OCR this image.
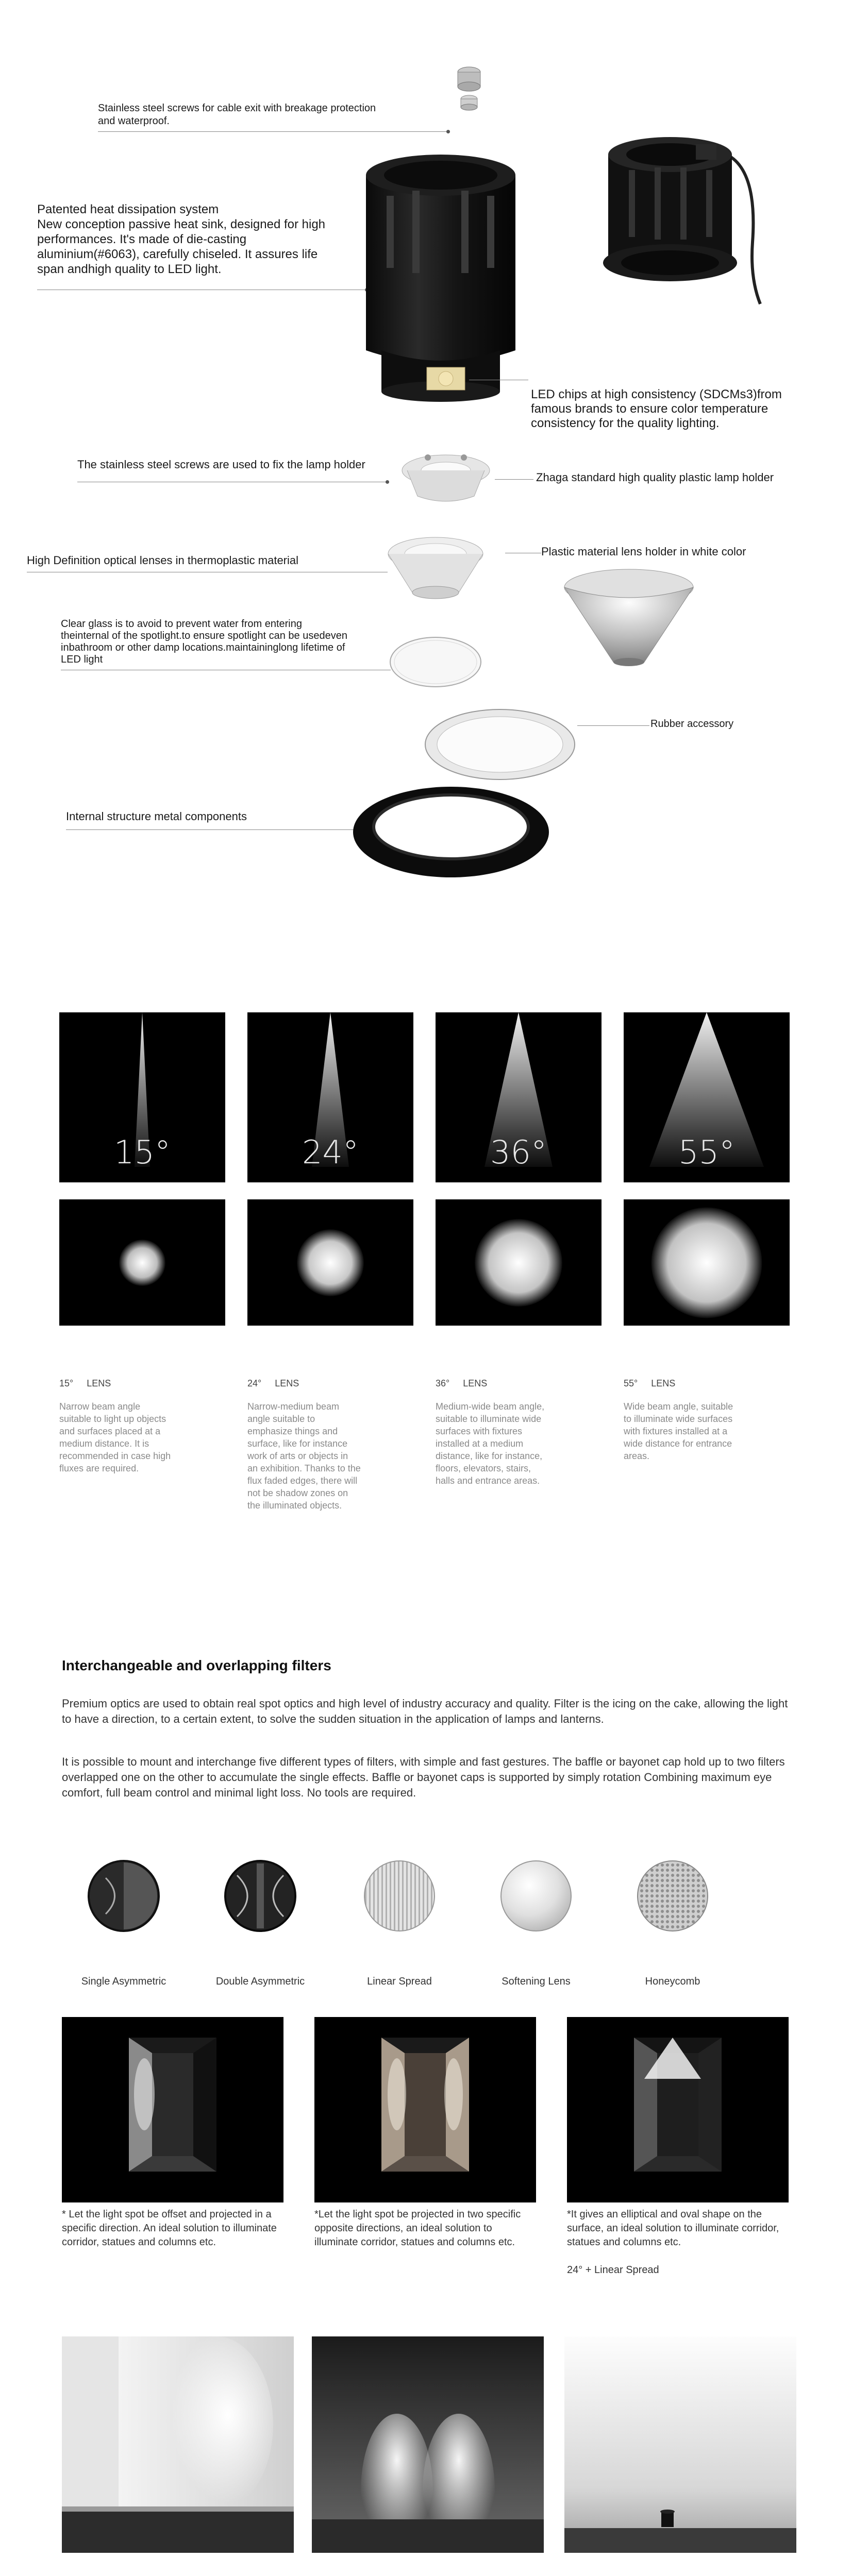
Stainless steel screws for cable exit with breakage protection and waterproof.
Patented heat dissipation system
New conception passive heat sink, designed for high performances. It's made of die-casting aluminium(#6063), carefully chiseled. It assures life span andhigh quality to LED light.
LED chips at high consistency (SDCMs3)from famous brands to ensure color temperature consistency for the quality lighting.
The stainless steel screws are used to fix the lamp holder
Zhaga standard high quality plastic lamp holder
High Definition optical lenses in thermoplastic material
Plastic material lens holder in white color
Clear glass is to avoid to prevent water from entering theinternal of the spotlight.to ensure spotlight can be usedeven inbathroom or other damp locations.maintaininglong lifetime of LED light
Rubber accessory
Internal structure metal components
15°	24°	36°	55°
15° LENS
Narrow beam angle suitable to light up objects and surfaces placed at a medium distance. It is recommended in case high fluxes are required.
24° LENS
Narrow-medium beam angle suitable to emphasize things and surface, like for instance work of arts or objects in an exhibition. Thanks to the flux faded edges, there will not be shadow zones on the illuminated objects.
36° LENS
Medium-wide beam angle, suitable to illuminate wide surfaces with fixtures installed at a medium distance, like for instance, floors, elevators, stairs, halls and entrance areas.
55° LENS
Wide beam angle, suitable to illuminate wide surfaces with fixtures installed at a wide distance for entrance areas.
Interchangeable and overlapping filters
Premium optics are used to obtain real spot optics and high level of industry accuracy and quality. Filter is the icing on the cake, allowing the light to have a direction, to a certain extent, to solve the sudden situation in the application of lamps and lanterns.
It is possible to mount and interchange five different types of filters, with simple and fast gestures. The baffle or bayonet cap hold up to two filters overlapped one on the other to accumulate the single effects. Baffle or bayonet caps is supported by simply rotation Combining maximum eye comfort, full beam control and minimal light loss. No tools are required.
Single Asymmetric	Double Asymmetric	Linear Spread	Softening Lens	Honeycomb
* Let the light spot be offset and projected in a specific direction. An ideal solution to illuminate corridor, statues and columns etc.
*Let the light spot be projected in two specific opposite directions, an ideal solution to illuminate corridor, statues and columns etc.
*It gives an elliptical and oval shape on the surface, an ideal solution to illuminate corridor, statues and columns etc.
24° + Linear Spread
